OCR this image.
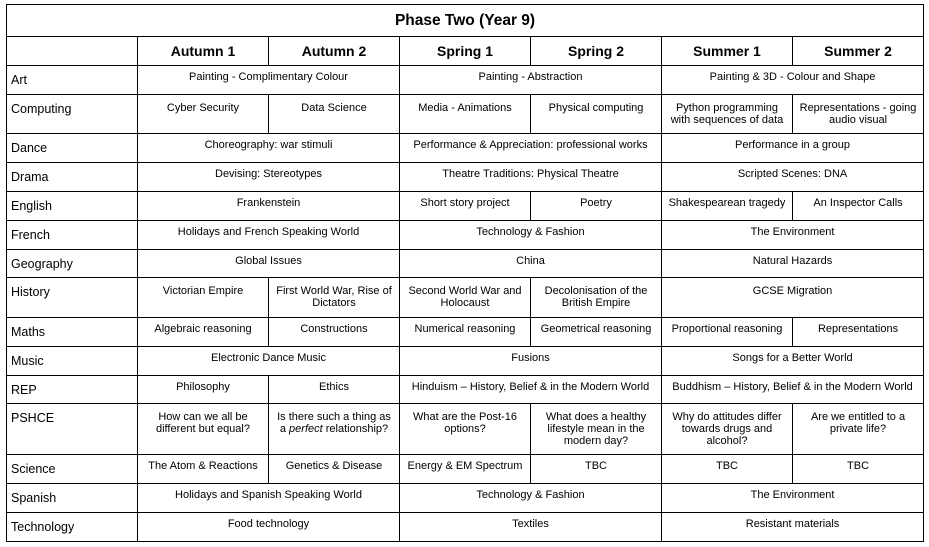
Phase Two (Year 9)						
	Autumn 1	Autumn 2	Spring 1	Spring 2	Summer 1	Summer 2
Art	Painting - Complimentary Colour		Painting - Abstraction		Painting & 3D - Colour and Shape	
Computing	Cyber Security	Data Science	Media - Animations	Physical computing	Python programming with sequences of data	Representations - going audio visual
Dance	Choreography: war stimuli		Performance & Appreciation: professional works		Performance in a group	
Drama	Devising: Stereotypes		Theatre Traditions: Physical Theatre		Scripted Scenes: DNA	
English	Frankenstein		Short story project	Poetry	Shakespearean tragedy	An Inspector Calls
French	Holidays and French Speaking World		Technology & Fashion		The Environment	
Geography	Global Issues		China		Natural Hazards	
History	Victorian Empire	First World War, Rise of Dictators	Second World War and Holocaust	Decolonisation of the British Empire	GCSE Migration	
Maths	Algebraic reasoning	Constructions	Numerical reasoning	Geometrical reasoning	Proportional reasoning	Representations
Music	Electronic Dance Music		Fusions		Songs for a Better World	
REP	Philosophy	Ethics	Hinduism – History, Belief & in the Modern World		Buddhism – History, Belief & in the Modern World	
PSHCE	How can we all be different but equal?	Is there such a thing as a perfect relationship?	What are the Post-16 options?	What does a healthy lifestyle mean in the modern day?	Why do attitudes differ towards drugs and alcohol?	Are we entitled to a private life?
Science	The Atom & Reactions	Genetics & Disease	Energy & EM Spectrum	TBC	TBC	TBC
Spanish	Holidays and Spanish Speaking World		Technology & Fashion		The Environment	
Technology	Food technology		Textiles		Resistant materials	
